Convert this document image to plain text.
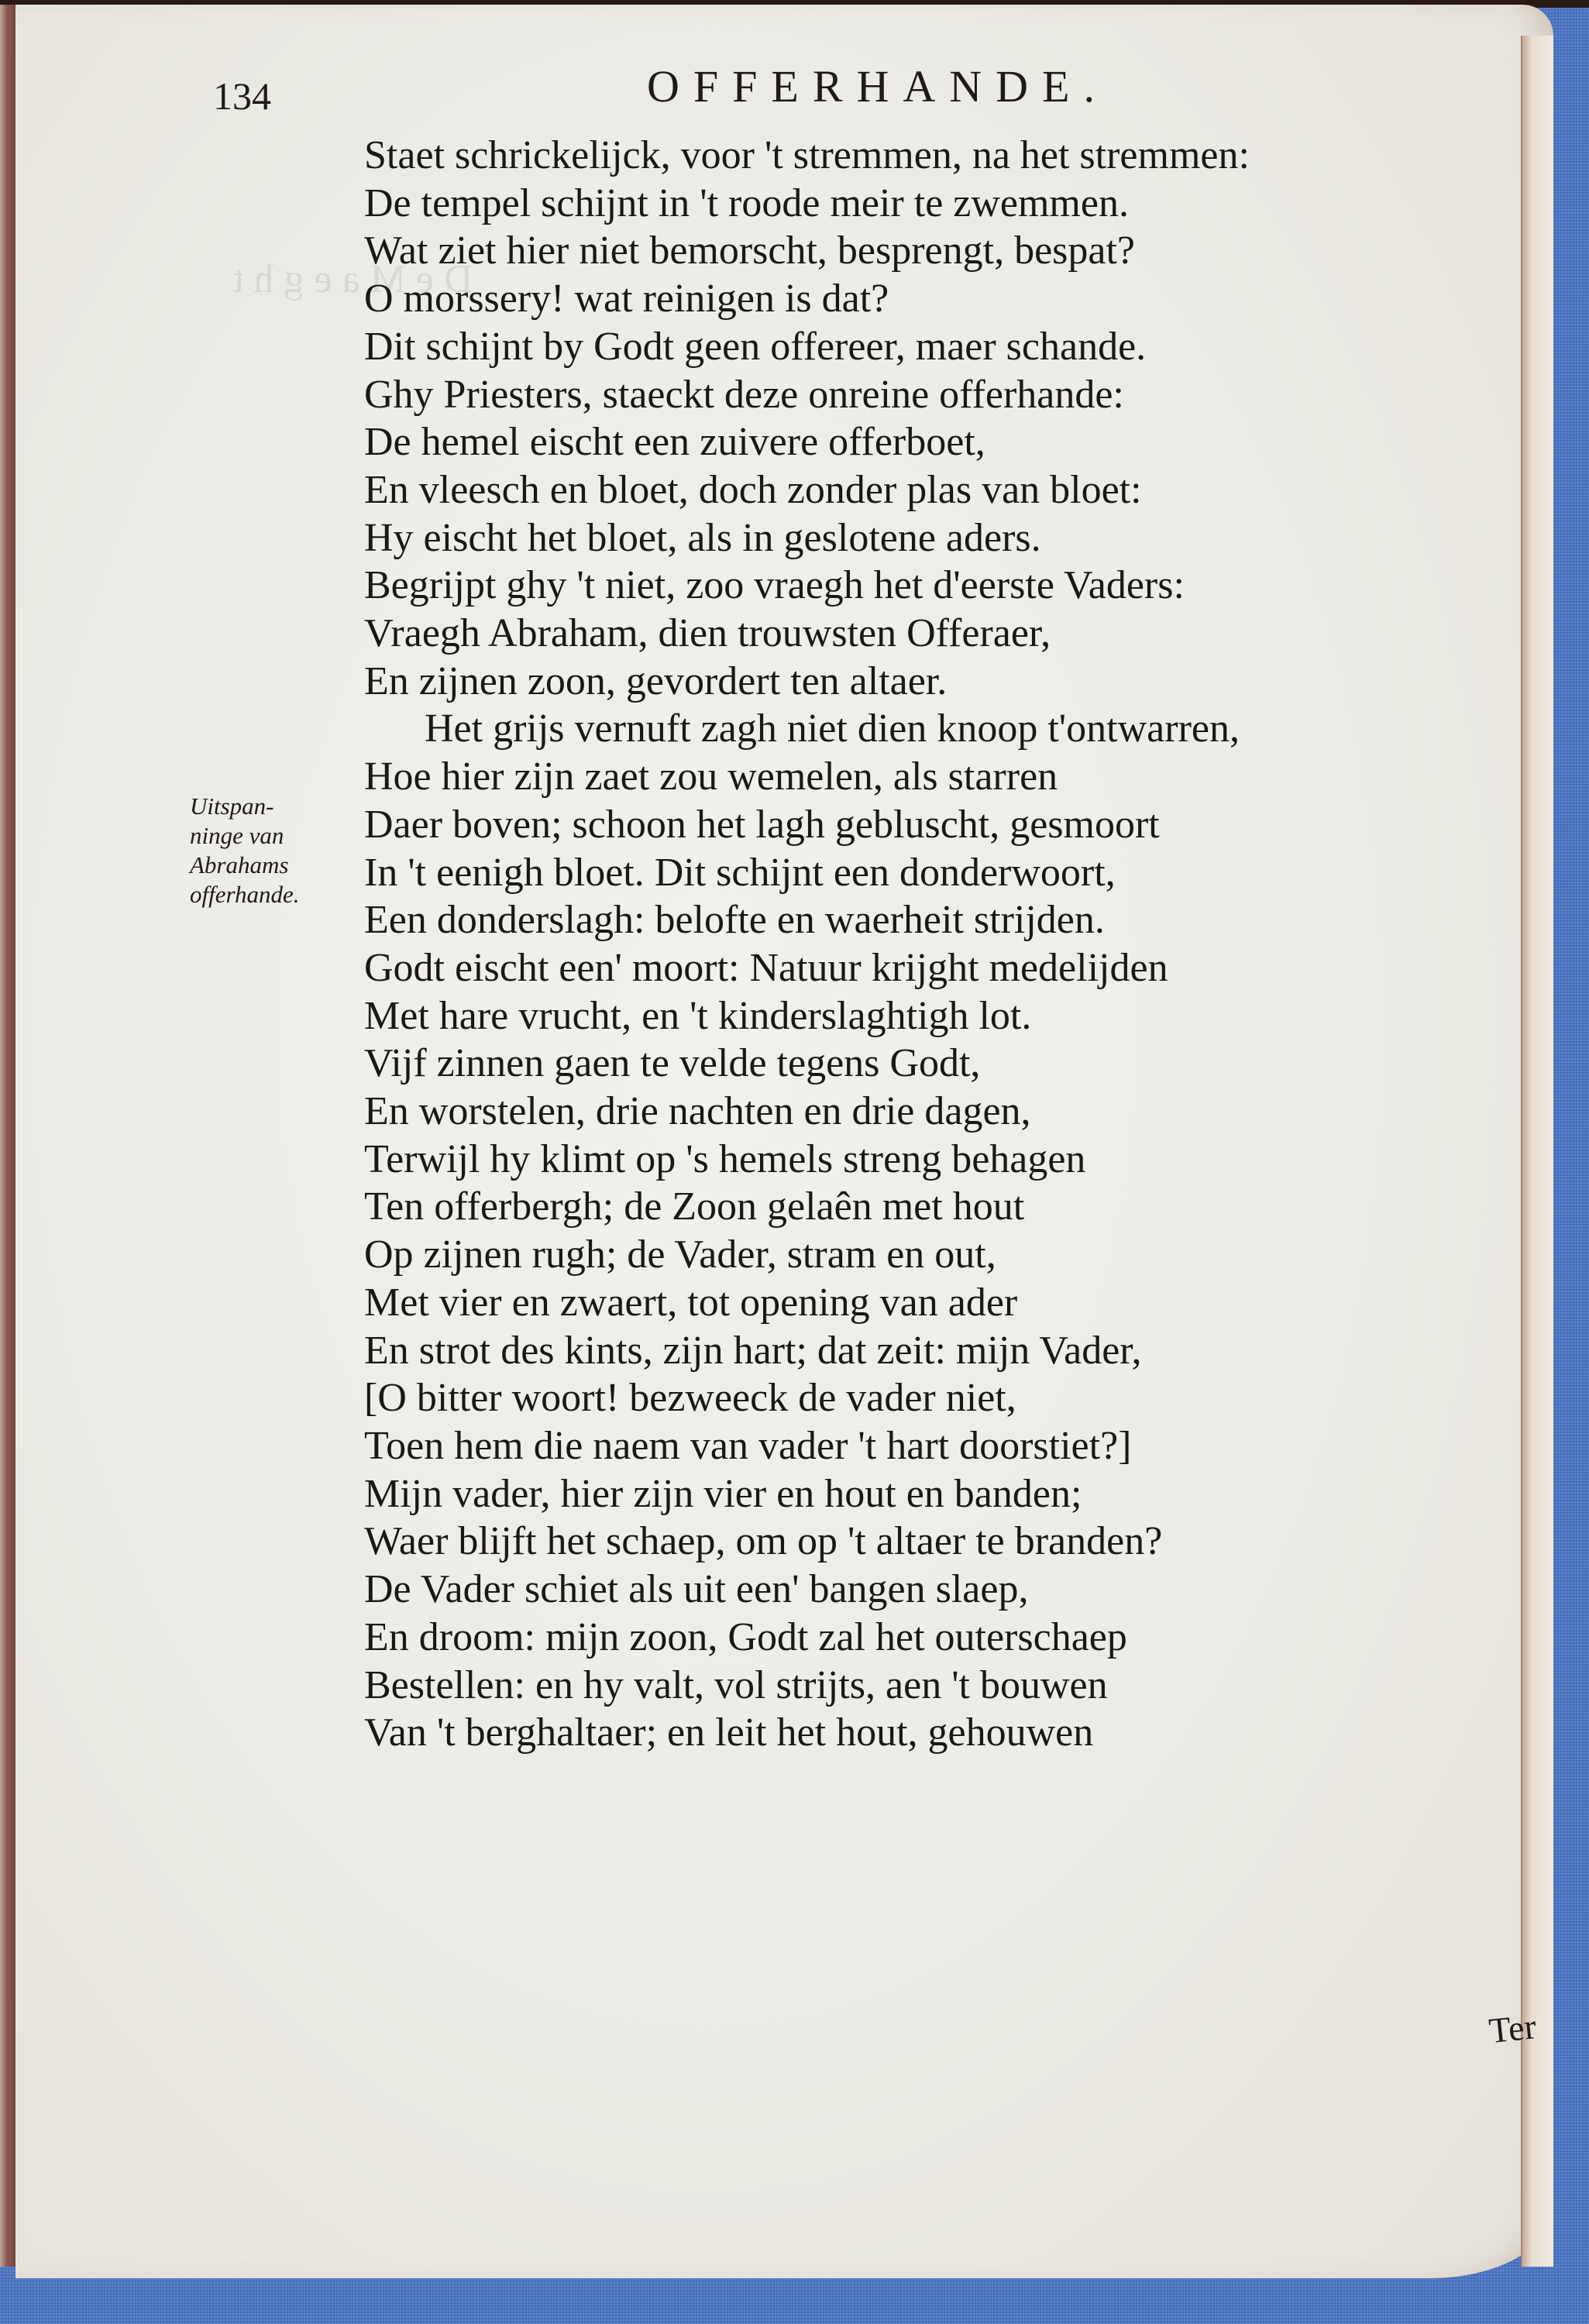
D e M a e g h t
134	OFFERHANDE.
Uitspan-
ninge van
Abrahams
offerhande.
Staet schrickelijck, voor 't stremmen, na het stremmen:
De tempel schijnt in 't roode meir te zwemmen.
Wat ziet hier niet bemorscht, besprengt, bespat?
O morssery! wat reinigen is dat?
Dit schijnt by Godt geen offereer, maer schande.
Ghy Priesters, staeckt deze onreine offerhande:
De hemel eischt een zuivere offerboet,
En vleesch en bloet, doch zonder plas van bloet:
Hy eischt het bloet, als in geslotene aders.
Begrijpt ghy 't niet, zoo vraegh het d'eerste Vaders:
Vraegh Abraham, dien trouwsten Offeraer,
En zijnen zoon, gevordert ten altaer.
Het grijs vernuft zagh niet dien knoop t'ontwarren,
Hoe hier zijn zaet zou wemelen, als starren
Daer boven; schoon het lagh gebluscht, gesmoort
In 't eenigh bloet. Dit schijnt een donderwoort,
Een donderslagh: belofte en waerheit strijden.
Godt eischt een' moort: Natuur krijght medelijden
Met hare vrucht, en 't kinderslaghtigh lot.
Vijf zinnen gaen te velde tegens Godt,
En worstelen, drie nachten en drie dagen,
Terwijl hy klimt op 's hemels streng behagen
Ten offerbergh; de Zoon gelaên met hout
Op zijnen rugh; de Vader, stram en out,
Met vier en zwaert, tot opening van ader
En strot des kints, zijn hart; dat zeit: mijn Vader,
[O bitter woort! bezweeck de vader niet,
Toen hem die naem van vader 't hart doorstiet?]
Mijn vader, hier zijn vier en hout en banden;
Waer blijft het schaep, om op 't altaer te branden?
De Vader schiet als uit een' bangen slaep,
En droom: mijn zoon, Godt zal het outerschaep
Bestellen: en hy valt, vol strijts, aen 't bouwen
Van 't berghaltaer; en leit het hout, gehouwen
Ter
